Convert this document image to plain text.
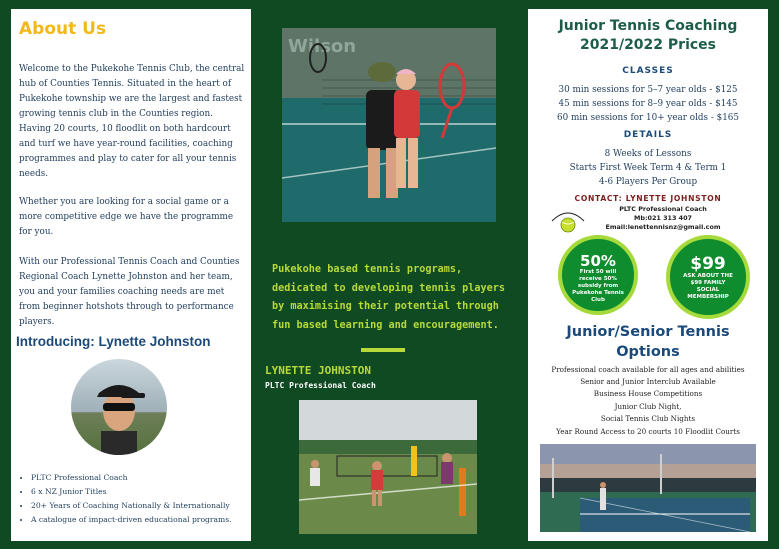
About Us
Welcome to the Pukekohe Tennis Club, the central hub of Counties Tennis. Situated in the heart of Pukekohe township we are the largest and fastest growing tennis club in the Counties region. Having 20 courts, 10 floodlit on both hardcourt and turf we have year-round facilities, coaching programmes and play to cater for all your tennis needs.
Whether you are looking for a social game or a more competitive edge we have the programme for you.
With our Professional Tennis Coach and Counties Regional Coach Lynette Johnston and her team, you and your families coaching needs are met from beginner hotshots through to performance players.
Introducing: Lynette Johnston
• PLTC Professional Coach
• 6 x NZ Junior Titles
• 20+ Years of Coaching Nationally & Internationally
• A catalogue of impact-driven educational programs.
Wilson
Pukekohe based tennis programs, dedicated to developing tennis players by maximising their potential through fun based learning and encouragement.
LYNETTE JOHNSTON
PLTC Professional Coach
Junior Tennis Coaching
2021/2022 Prices
CLASSES
30 min sessions for 5–7 year olds - $125
45 min sessions for 8–9 year olds - $145
60 min sessions for 10+ year olds - $165
DETAILS
8 Weeks of Lessons
Starts First Week Term 4 & Term 1
4-6 Players Per Group
CONTACT: LYNETTE JOHNSTON
PLTC Professional Coach
Mb:021 313 407
Email:lenettennisnz@gmail.com
50%
First 50 will receive 50% subsidy from Pukekohe Tennis Club
$99
ASK ABOUT THE $99 FAMILY SOCIAL MEMBERSHIP
Junior/Senior Tennis
Options
Professional coach available for all ages and abilities
Senior and Junior Interclub Available
Business House Competitions
Junior Club Night,
Social Tennis Club Nights
Year Round Access to 20 courts 10 Floodlit Courts
